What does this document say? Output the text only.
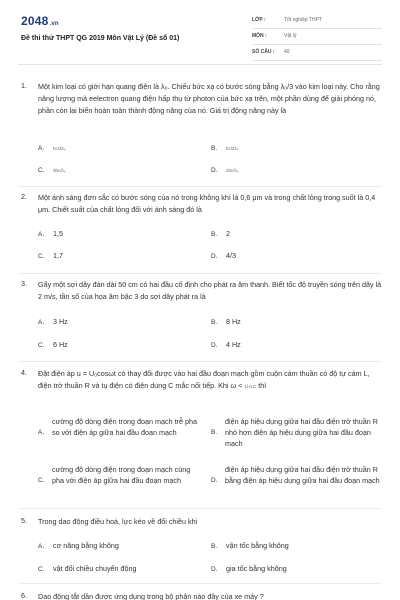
2048.vn
Đề thi thử THPT QG 2019 Môn Vật Lý (Đề số 01)
LỚP :	Tốt nghiệp THPT
MÔN :	Vật lý
SỐ CÂU : 40
1. Một kim loại có giới hạn quang điện là λ₀. Chiếu bức xạ có bước sóng bằng λ₀/3 vào kim loại này. Cho rằng năng lượng mà eelectron quang điện hấp thụ từ photon của bức xạ trên, một phần dùng để giải phóng nó, phần còn lại biến hoàn toàn thành động năng của nó. Giá trị động năng này là
A. hc/3λ₀	B. hc/2λ₀
C. 3hc/λ₀	D. 2hc/λ₀
2. Một ánh sáng đơn sắc có bước sóng của nó trong không khí là 0,6 μm và trong chất lỏng trong suốt là 0,4 μm. Chiết suất của chất lỏng đối với ánh sáng đó là
A. 1,5	B. 2
C. 1,7	D. 4/3
3. Gẩy một sợi dây đàn dài 50 cm có hai đầu cố định cho phát ra âm thanh. Biết tốc độ truyền sóng trên dây là 2 m/s, tần số của họa âm bậc 3 do sợi dây phát ra là
A. 3 Hz	B. 8 Hz
C. 6 Hz	D. 4 Hz
4. Đặt điện áp u = U₀cosωt có thay đổi được vào hai đầu đoạn mạch gồm cuộn cảm thuần có độ tự cảm L, điện trở thuần R và tụ điện có điện dung C mắc nối tiếp. Khi ω < 1/√LC thì
A.
cường độ dòng điện trong đoạn mạch trễ pha so với điện áp giữa hai đầu đoạn mạch	B.
điện áp hiệu dụng giữa hai đầu điện trở thuần R nhỏ hơn điện áp hiệu dụng giữa hai đầu đoạn mạch
C.
cường độ dòng điện trong đoạn mạch cùng pha với điện áp giữa hai đầu đoạn mạch	D.
điện áp hiệu dụng giữa hai đầu điện trở thuần R bằng điện áp hiệu dụng giữa hai đầu đoạn mạch
5. Trong dao động điều hoà, lực kéo về đổi chiều khi
A. cơ năng bằng không	B. vận tốc bằng không
C. vật đổi chiều chuyển động	D. gia tốc bằng không
6. Dao động tắt dần được ứng dụng trong bộ phận nào đây của xe máy ?
